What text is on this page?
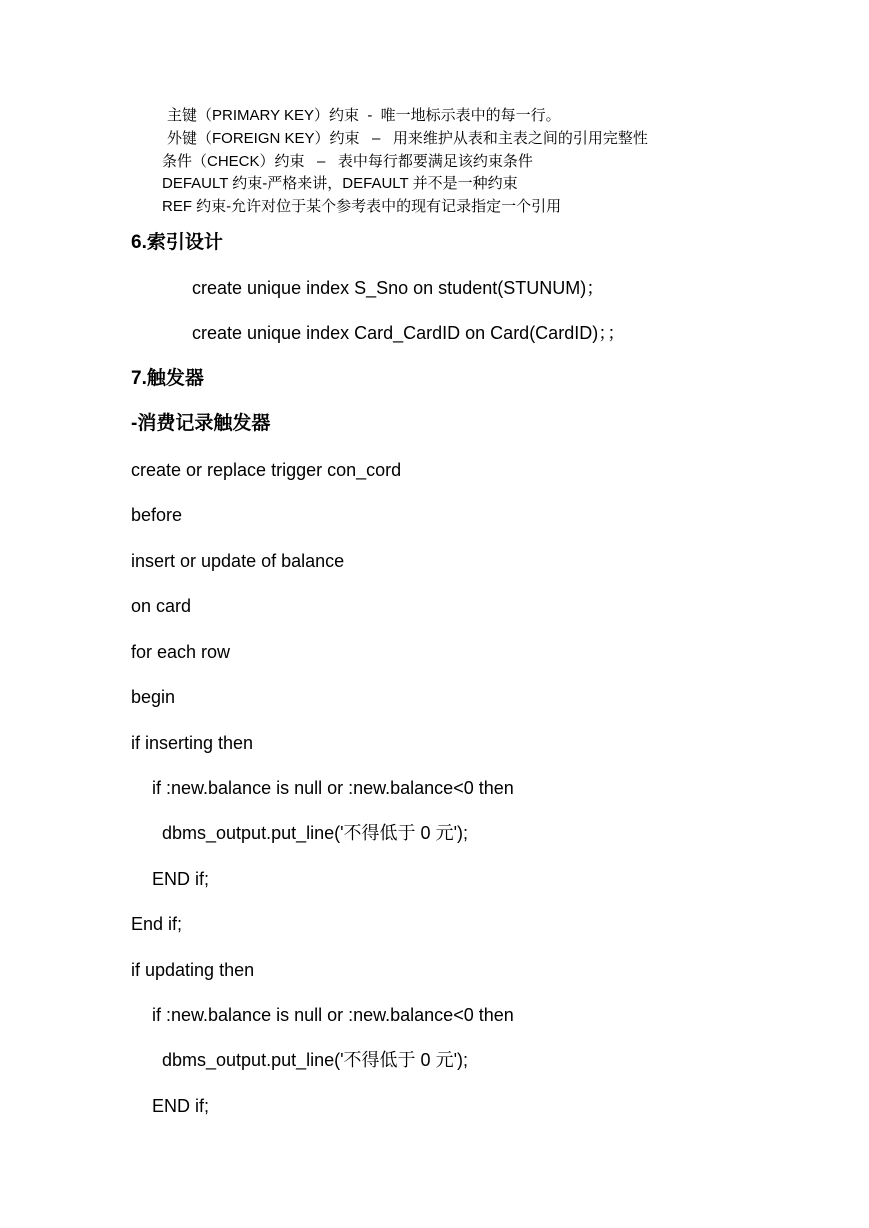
主键（PRIMARY KEY）约束  -  唯一地标示表中的每一行。
外键（FOREIGN KEY）约束   –   用来维护从表和主表之间的引用完整性
条件（CHECK）约束   –   表中每行都要满足该约束条件
DEFAULT 约束-严格来讲，DEFAULT 并不是一种约束
REF 约束-允许对位于某个参考表中的现有记录指定一个引用
6.索引设计
create unique index S_Sno on student(STUNUM)；
create unique index Card_CardID on Card(CardID)；；
7.触发器
-消费记录触发器
create or replace trigger con_cord
before
insert or update of balance
on card
for each row
begin
if inserting then
if :new.balance is null or :new.balance<0 then
dbms_output.put_line('不得低于 0 元');
END if;
End if;
if updating then
if :new.balance is null or :new.balance<0 then
dbms_output.put_line('不得低于 0 元');
END if;
